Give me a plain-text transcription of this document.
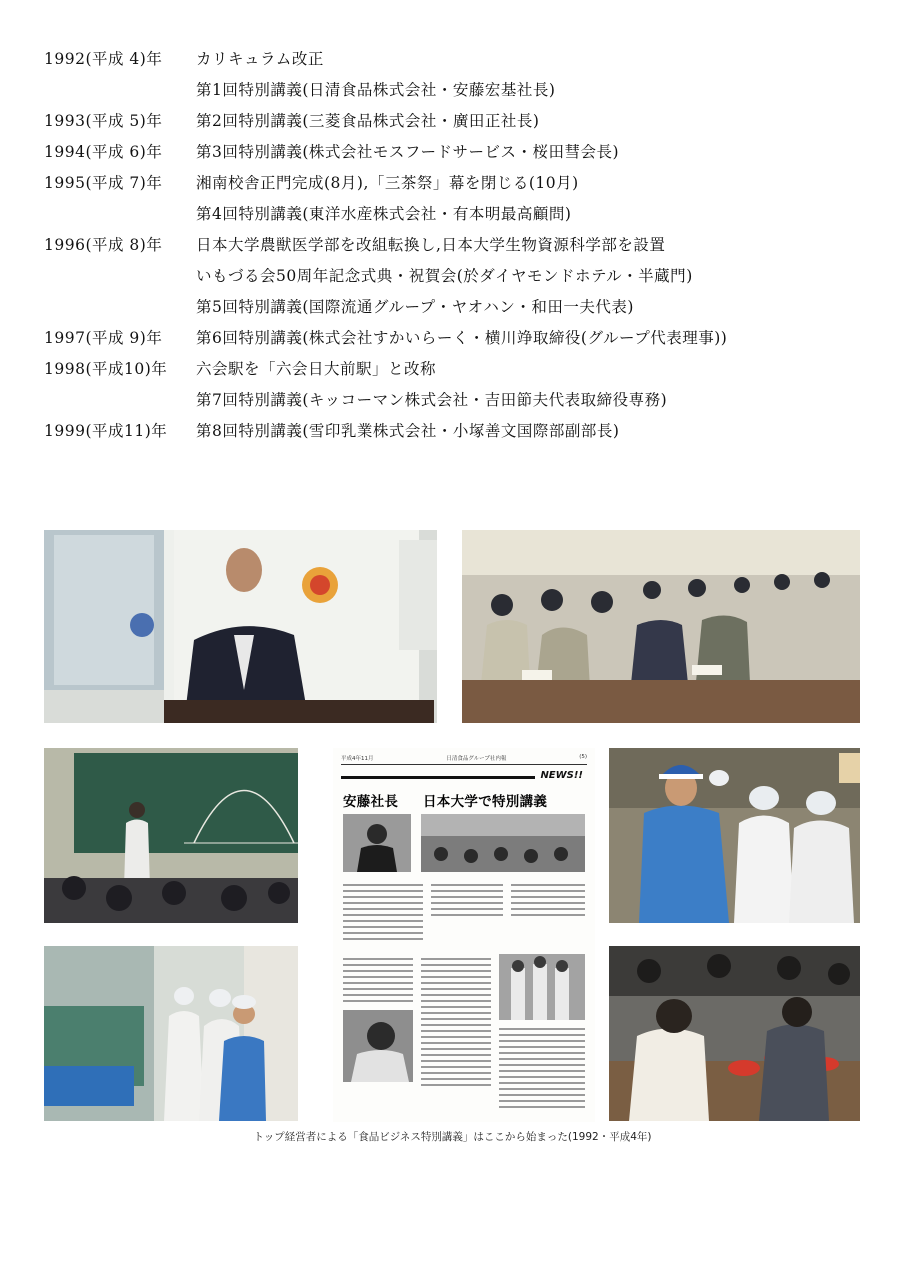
1992(平成 4)年	カリキュラム改正
第1回特別講義(日清食品株式会社・安藤宏基社長)
1993(平成 5)年	第2回特別講義(三菱食品株式会社・廣田正社長)
1994(平成 6)年	第3回特別講義(株式会社モスフードサービス・桜田彗会長)
1995(平成 7)年	湘南校舎正門完成(8月),「三茶祭」幕を閉じる(10月)
第4回特別講義(東洋水産株式会社・有本明最高顧問)
1996(平成 8)年	日本大学農獣医学部を改組転換し,日本大学生物資源科学部を設置
いもづる会50周年記念式典・祝賀会(於ダイヤモンドホテル・半蔵門)
第5回特別講義(国際流通グループ・ヤオハン・和田一夫代表)
1997(平成 9)年	第6回特別講義(株式会社すかいらーく・横川竫取締役(グループ代表理事))
1998(平成10)年	六会駅を「六会日大前駅」と改称
第7回特別講義(キッコーマン株式会社・吉田節夫代表取締役専務)
1999(平成11)年	第8回特別講義(雪印乳業株式会社・小塚善文国際部副部長)
平成4年11月	日清食品グループ社内報	(5)
NEWS!!
安藤社長	日本大学で特別講義
トップ経営者による「食品ビジネス特別講義」はここから始まった(1992・平成4年)
